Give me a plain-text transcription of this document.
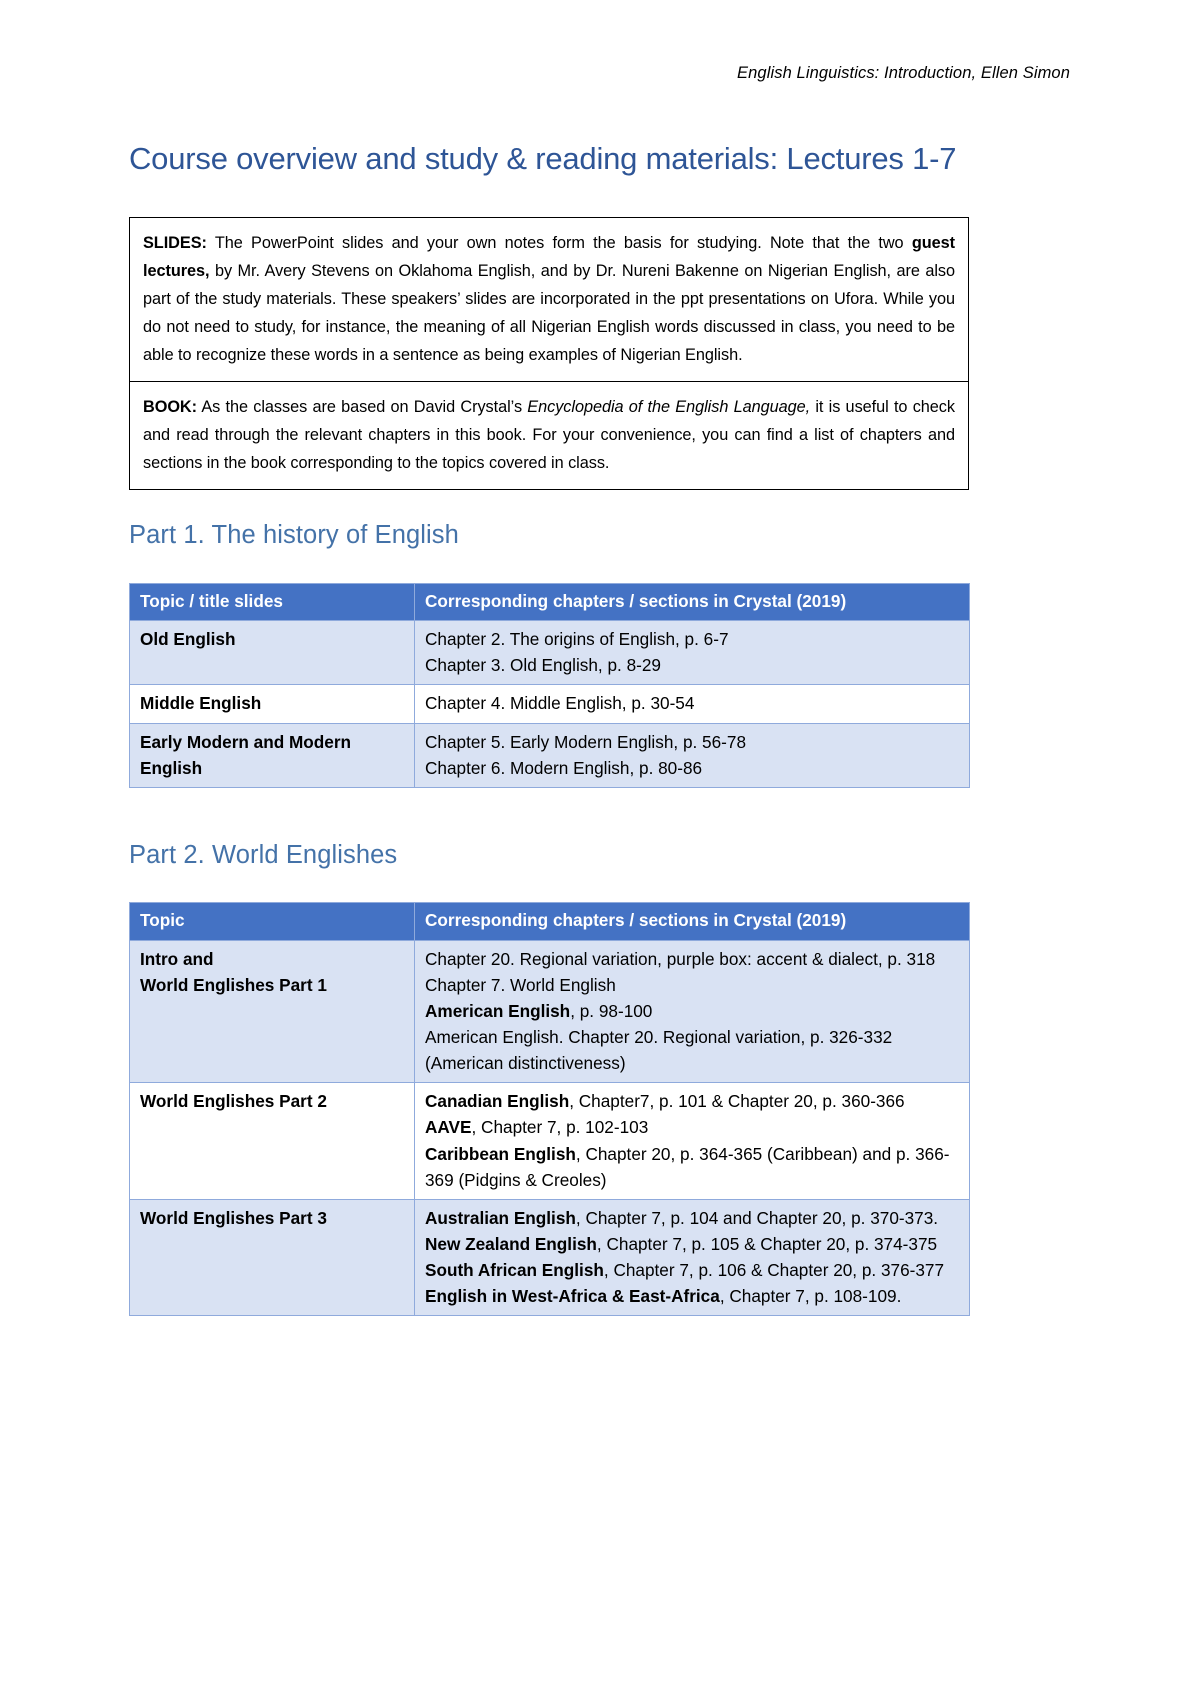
English Linguistics: Introduction, Ellen Simon
Course overview and study & reading materials: Lectures 1-7
SLIDES: The PowerPoint slides and your own notes form the basis for studying. Note that the two guest lectures, by Mr. Avery Stevens on Oklahoma English, and by Dr. Nureni Bakenne on Nigerian English, are also part of the study materials. These speakers’ slides are incorporated in the ppt presentations on Ufora. While you do not need to study, for instance, the meaning of all Nigerian English words discussed in class, you need to be able to recognize these words in a sentence as being examples of Nigerian English.
BOOK: As the classes are based on David Crystal’s Encyclopedia of the English Language, it is useful to check and read through the relevant chapters in this book. For your convenience, you can find a list of chapters and sections in the book corresponding to the topics covered in class.
Part 1. The history of English
Topic / title slides	Corresponding chapters / sections in Crystal (2019)
Old English	Chapter 2. The origins of English, p. 6-7
Chapter 3. Old English, p. 8-29

Middle English	Chapter 4. Middle English, p. 30-54

Early Modern and Modern English	Chapter 5. Early Modern English, p. 56-78
Chapter 6. Modern English, p. 80-86
Part 2. World Englishes
Topic	Corresponding chapters / sections in Crystal (2019)

Intro and
World Englishes Part 1	Chapter 20. Regional variation, purple box: accent & dialect, p. 318
Chapter 7. World English
American English, p. 98-100
American English. Chapter 20. Regional variation, p. 326-332 (American distinctiveness)

World Englishes Part 2	Canadian English, Chapter7, p. 101 & Chapter 20, p. 360-366
AAVE, Chapter 7, p. 102-103
Caribbean English, Chapter 20, p. 364-365 (Caribbean) and p. 366-369 (Pidgins & Creoles)

World Englishes Part 3	Australian English, Chapter 7, p. 104 and Chapter 20, p. 370-373.
New Zealand English, Chapter 7, p. 105 & Chapter 20, p. 374-375
South African English, Chapter 7, p. 106 & Chapter 20, p. 376-377
English in West-Africa & East-Africa, Chapter 7, p. 108-109.
